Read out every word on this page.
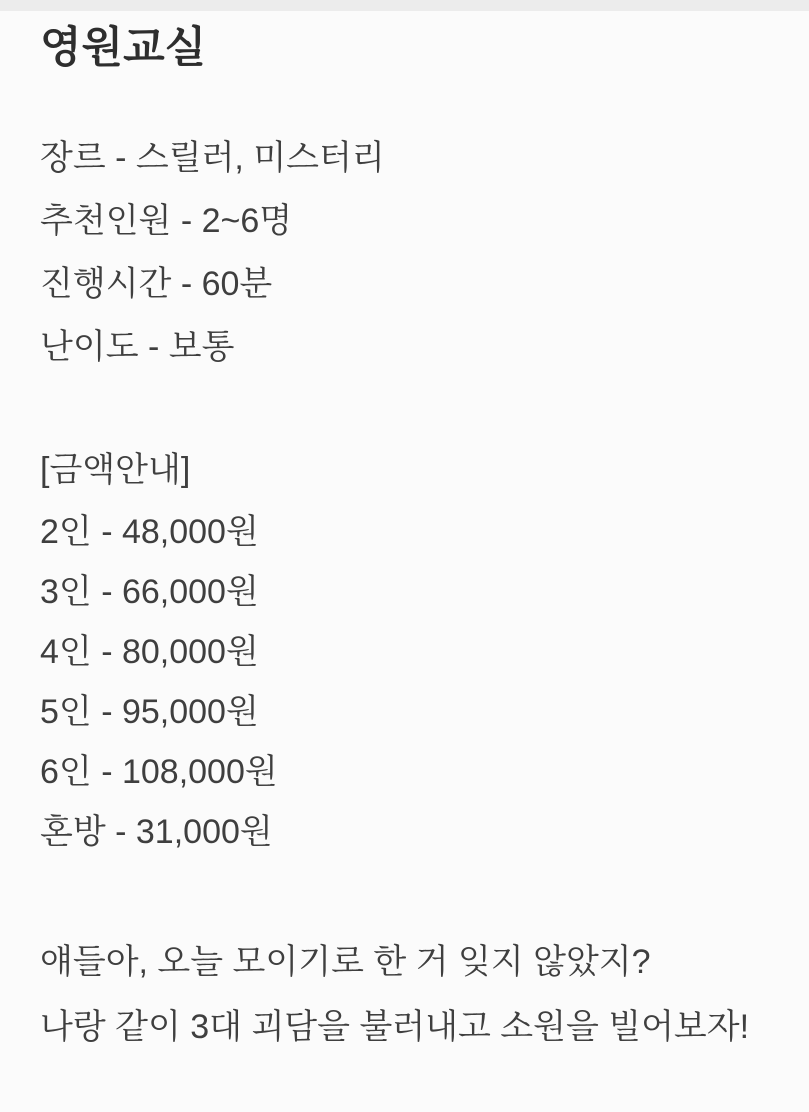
영원교실
장르 - 스릴러, 미스터리
추천인원 - 2~6명
진행시간 - 60분
난이도 - 보통
[금액안내]
2인 - 48,000원
3인 - 66,000원
4인 - 80,000원
5인 - 95,000원
6인 - 108,000원
혼방 - 31,000원
얘들아, 오늘 모이기로 한 거 잊지 않았지?
나랑 같이 3대 괴담을 불러내고 소원을 빌어보자!
